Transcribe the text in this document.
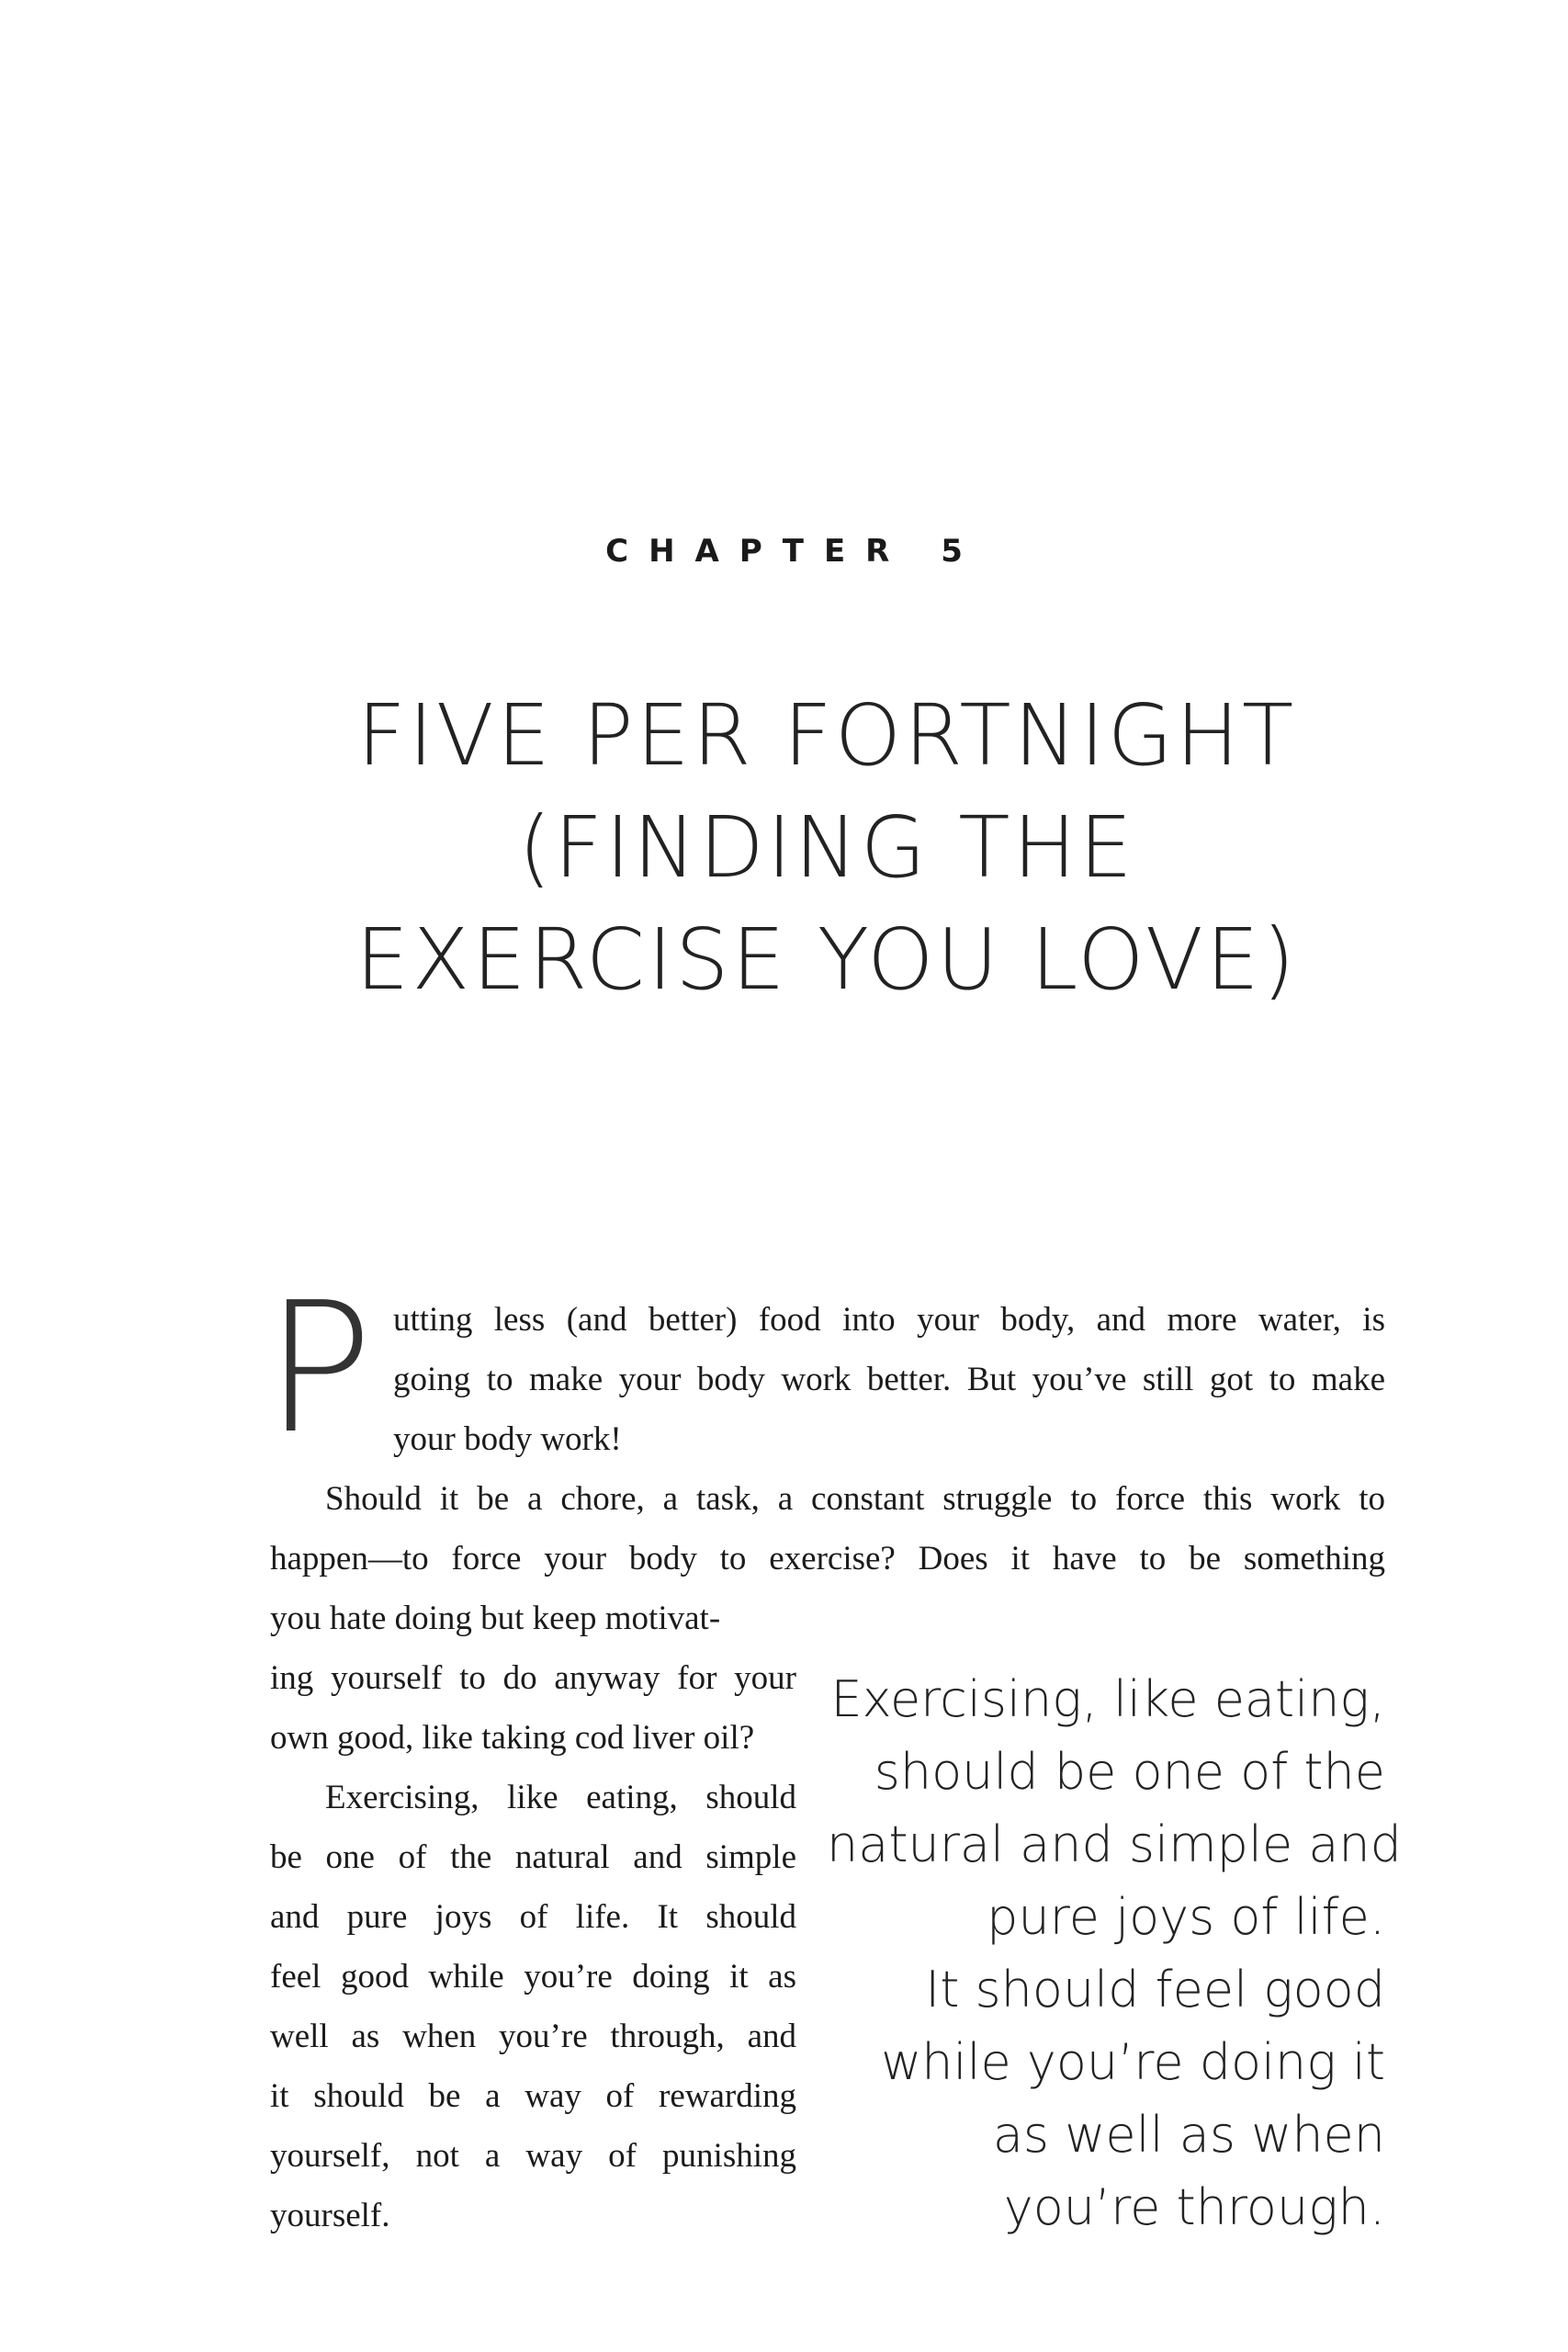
CHAPTER 5
FIVE PER FORTNIGHT
(FINDING THE
EXERCISE YOU LOVE)
P utting less (and better) food into your body, and more water, is
going to make your body work better. But you’ve still got to make
your body work!
Should it be a chore, a task, a constant struggle to force this work to
happen—to force your body to exercise? Does it have to be something
you hate doing but keep motivat-
ing yourself to do anyway for your
own good, like taking cod liver oil?
Exercising, like eating, should
be one of the natural and simple
and pure joys of life. It should
feel good while you’re doing it as
well as when you’re through, and
it should be a way of rewarding
yourself, not a way of punishing
yourself.
Exercising, like eating,
should be one of the
natural and simple and
pure joys of life.
It should feel good
while you’re doing it
as well as when
you’re through.
